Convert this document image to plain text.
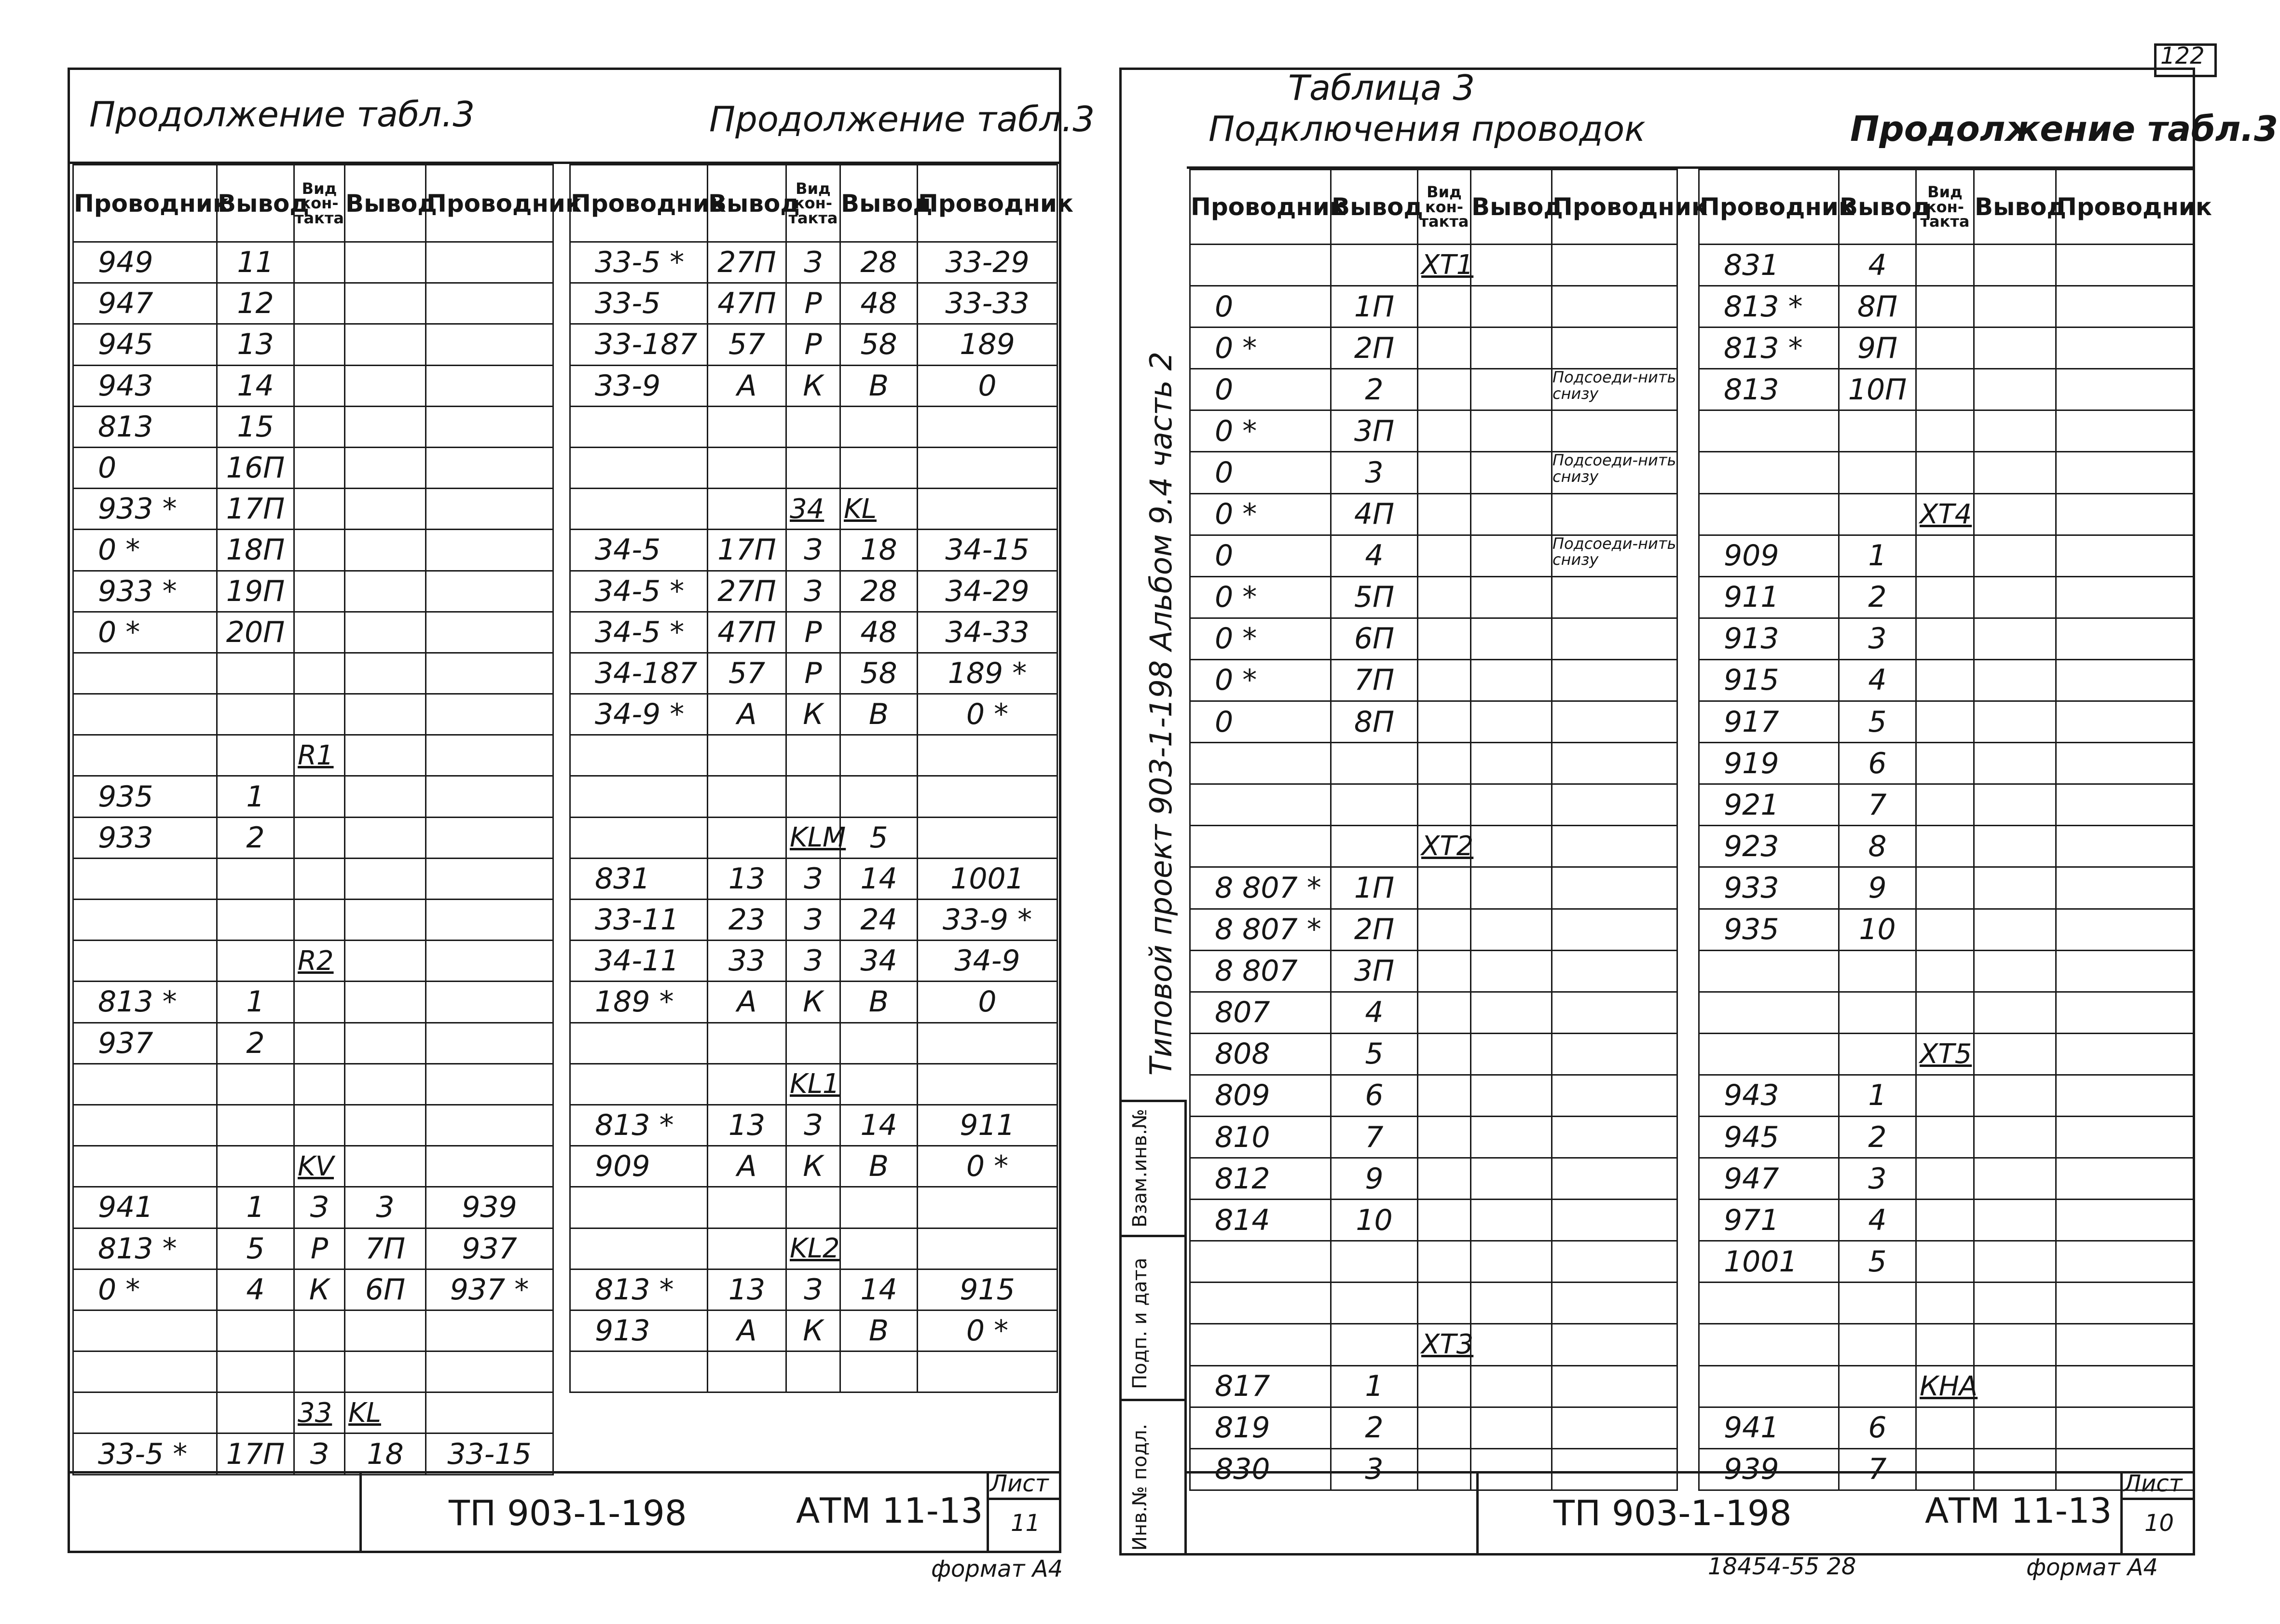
Продолжение табл.3	Продолжение табл.3
Проводник	Вывод	Вид кон-такта	Вывод	Проводник
949	11			
947	12			
945	13			
943	14			
813	15			
0	16П			
933 *	17П			
0 *	18П			
933 *	19П			
0 *	20П			

		R1		
935	1			
933	2			

		R2		
813 *	1			
937	2			

		KV		
941	1	З	3	939
813 *	5	Р	7П	937
0 *	4	К	6П	937 *

		33	KL	
33-5 *	17П	З	18	33-15
Проводник	Вывод	Вид кон-такта	Вывод	Проводник
33-5 *	27П	З	28	33-29
33-5	47П	Р	48	33-33
33-187	57	Р	58	189
33-9	А	К	В	0

		34	KL	
34-5	17П	З	18	34-15
34-5 *	27П	З	28	34-29
34-5 *	47П	Р	48	34-33
34-187	57	Р	58	189 *
34-9 *	А	К	В	0 *

		KLM	5	
831	13	З	14	1001
33-11	23	З	24	33-9 *
34-11	33	З	34	34-9
189 *	А	К	В	0

		KL1		
813 *	13	З	14	911
909	А	К	В	0 *

		KL2		
813 *	13	З	14	915
913	А	К	В	0 *

ТП 903-1-198	АТМ 11-13
Лист
11
формат А4
122
Таблица 3
Подключения проводок	Продолжение табл.3
Проводник	Вывод	Вид кон-такта	Вывод	Проводник
		XT1		
0	1П			
0 *	2П			
0	2			Подсоеди-нить снизу
0 *	3П			
0	3			Подсоеди-нить снизу
0 *	4П			
0	4			Подсоеди-нить снизу
0 *	5П			
0 *	6П			
0 *	7П			
0	8П			

		XT2		
8 807 *	1П			
8 807 *	2П			
8 807	3П			
807	4			
808	5			
809	6			
810	7			
812	9			
814	10			

		XT3		
817	1			
819	2			
830	3			
Проводник	Вывод	Вид кон-такта	Вывод	Проводник
831	4			
813 *	8П			
813 *	9П			
813	10П			

		XT4		
909	1			
911	2			
913	3			
915	4			
917	5			
919	6			
921	7			
923	8			
933	9			
935	10			

		XT5		
943	1			
945	2			
947	3			
971	4			
1001	5			

		КНА		
941	6			
939	7			
Типовой проект 903-1-198 Альбом 9.4 часть 2
Взам.инв.№
Подп. и дата
Инв.№ подл.	ТП 903-1-198	АТМ 11-13
Лист
10
18454-55 28	формат А4
